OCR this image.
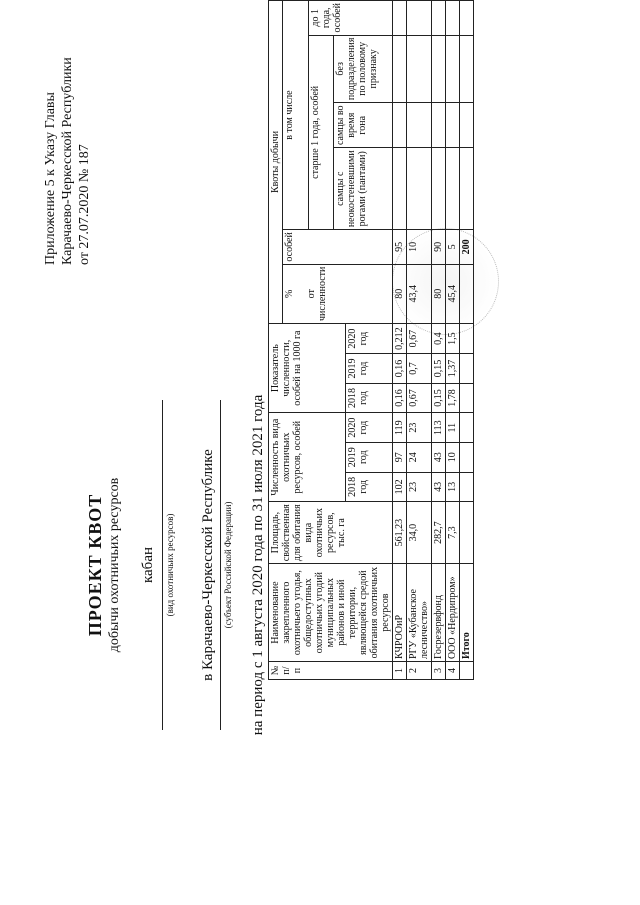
Приложение 5 к Указу Главы Карачаево-Черкесской Республики от 27.07.2020 № 187
ПРОЕКТ КВОТ добычи охотничьих ресурсов кабан (вид охотничьих ресурсов) в Карачаево-Черкесской Республике (субъект Российской Федерации) на период с 1 августа 2020 года по 31 июля 2021 года № п/п	Наименование закрепленного охотничьего угодья, общедоступных охотничьих угодий муниципальных районов и иной территории, являющейся средой обитания охотничьих ресурсов	Площадь, свойственная для обитания вида охотничьих ресурсов, тыс. га	Численность вида охотничьих ресурсов, особей			Показатель численности, особей на 1000 га			Квоты добычи					
									% от численности	особей	в том числе			
											старше 1 года, особей			до 1 года, особей
											самцы с неокостеневшими рогами (пантами)	самцы во время гона	без подразделения по половому признаку	
			2018 год	2019 год	2020 год	2018 год	2019 год	2020 год						
1	КЧРООиР	561,23	102	97	119	0,16	0,16	0,212	80	95				
2	РГУ «Кубанское лесничество»	34,0	23	24	23	0,67	0,7	0,67	43,4	10				
3	Госрезервфонд	282,7	43	43	113	0,15	0,15	0,4	80	90				
4	ООО «Нердипром»	7,3	13	10	11	1,78	1,37	1,5	45,4	5				
	Итого									200				
